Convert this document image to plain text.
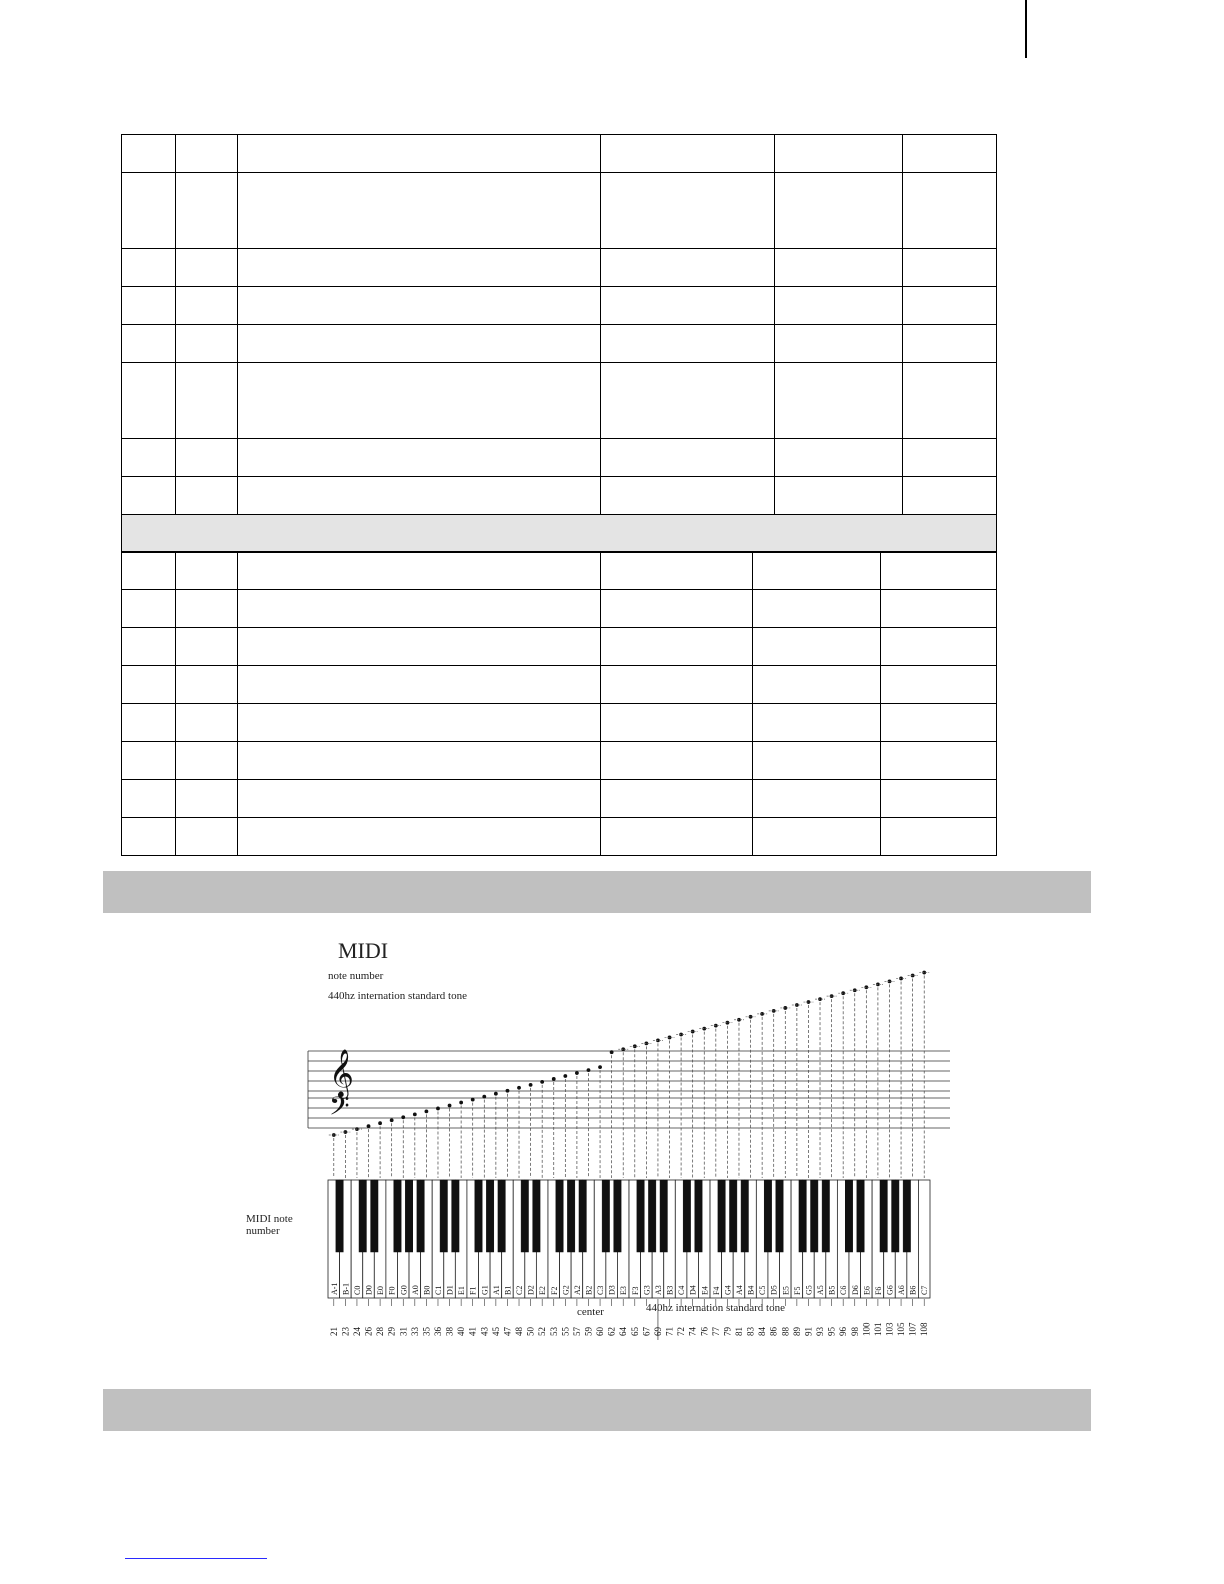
𝄞
𝄢
A-1
21
B-1
23
C0
24
D0
26
E0
28
F0
29
G0
31
A0
33
B0
35
C1
36
D1
38
E1
40
F1
41
G1
43
A1
45
B1
47
C2
48
D2
50
E2
52
F2
53
G2
55
A2
57
B2
59
C3
60
D3
62
E3
64
F3
65
G3
67
A3
69
B3
71
C4
72
D4
74
E4
76
F4
77
G4
79
A4
81
B4
83
C5
84
D5
86
E5
88
F5
89
G5
91
A5
93
B5
95
C6
96
D6
98
E6
100
F6
101
G6
103
A6
105
B6
107
C7
108
MIDI
note number
440hz internation standard tone
MIDI note
number
center	440hz internation standard tone
